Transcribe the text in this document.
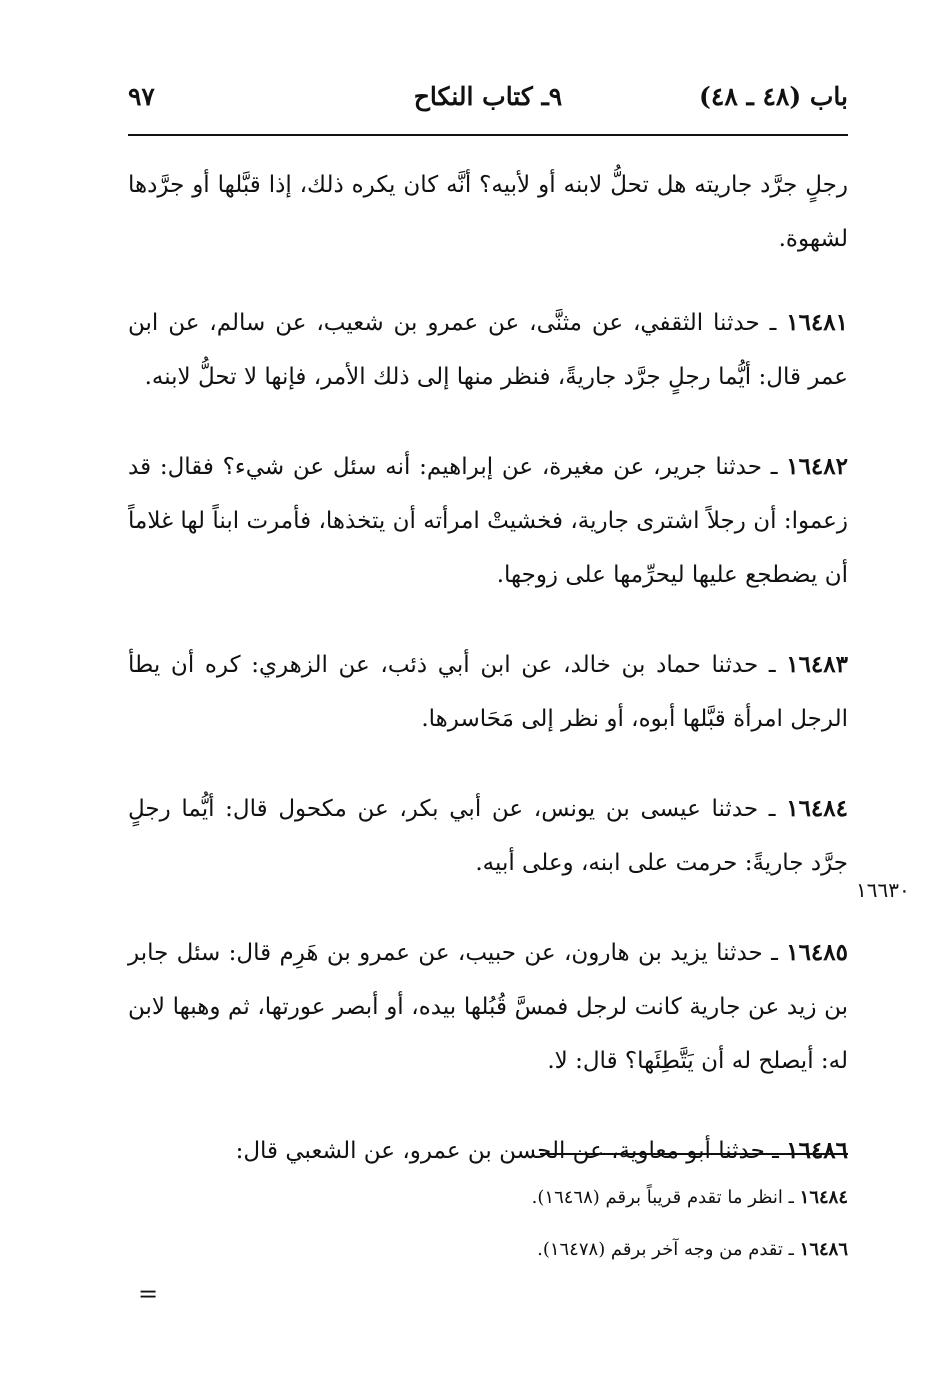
باب (٤٨ ـ ٤٨)
٩ـ كتاب النكاح
٩٧

رجلٍ جرَّد جاريته هل تحلُّ لابنه أو لأبيه؟ أنَّه كان يكره ذلك، إذا قبَّلها أو جرَّدها لشهوة.

١٦٤٨١ ـ حدثنا الثقفي، عن مثنَّى، عن عمرو بن شعيب، عن سالم، عن ابن عمر قال: أيُّما رجلٍ جرَّد جاريةً، فنظر منها إلى ذلك الأمر، فإنها لا تحلُّ لابنه.

١٦٤٨٢ ـ حدثنا جرير، عن مغيرة، عن إبراهيم: أنه سئل عن شيء؟ فقال: قد زعموا: أن رجلاً اشترى جارية، فخشيتْ امرأته أن يتخذها، فأمرت ابناً لها غلاماً أن يضطجع عليها ليحرِّمها على زوجها.

١٦٤٨٣ ـ حدثنا حماد بن خالد، عن ابن أبي ذئب، عن الزهري: كره أن يطأ الرجل امرأة قبَّلها أبوه، أو نظر إلى مَحَاسرها.

١٦٤٨٤ ـ حدثنا عيسى بن يونس، عن أبي بكر، عن مكحول قال: أيُّما رجلٍ جرَّد جاريةً: حرمت على ابنه، وعلى أبيه.

١٦٤٨٥ ـ حدثنا يزيد بن هارون، عن حبيب، عن عمرو بن هَرِم قال: سئل جابر بن زيد عن جارية كانت لرجل فمسَّ قُبُلها بيده، أو أبصر عورتها، ثم وهبها لابن له: أيصلح له أن يَتَّطِئَها؟ قال: لا.

١٦٤٨٦ ـ حدثنا أبو معاوية، عن الحسن بن عمرو، عن الشعبي قال:

١٦٦٣٠

١٦٤٨٤ ـ انظر ما تقدم قريباً برقم (١٦٤٦٨).

١٦٤٨٦ ـ تقدم من وجه آخر برقم (١٦٤٧٨).

=
